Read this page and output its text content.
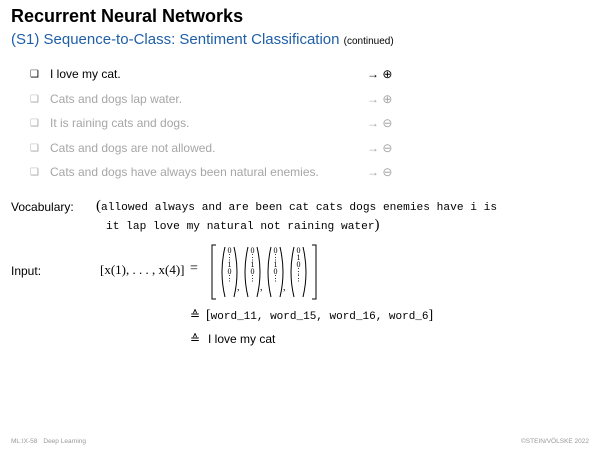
Recurrent Neural Networks
(S1) Sequence-to-Class: Sentiment Classification (continued)
❑ I love my cat.	→ ⊕
❑ Cats and dogs lap water.	→ ⊕
❑ It is raining cats and dogs.	→ ⊖
❑ Cats and dogs are not allowed.	→ ⊖
❑ Cats and dogs have always been natural enemies.	→ ⊖
Vocabulary: (allowed always and are been cat cats dogs enemies have i is
it lap love my natural not raining water)
Input:	[x(1), . . . , x(4)] =
0
⋮
1
0
⋮
0
⋮
1
0
⋮
0
⋮
1
0
⋮
0
1
0
⋮
⋮
, , ,
≙ [word_11, word_15, word_16, word_6]
≙ I love my cat
ML:IX-58 Deep Learning	©STEIN/VÖLSKE 2022
